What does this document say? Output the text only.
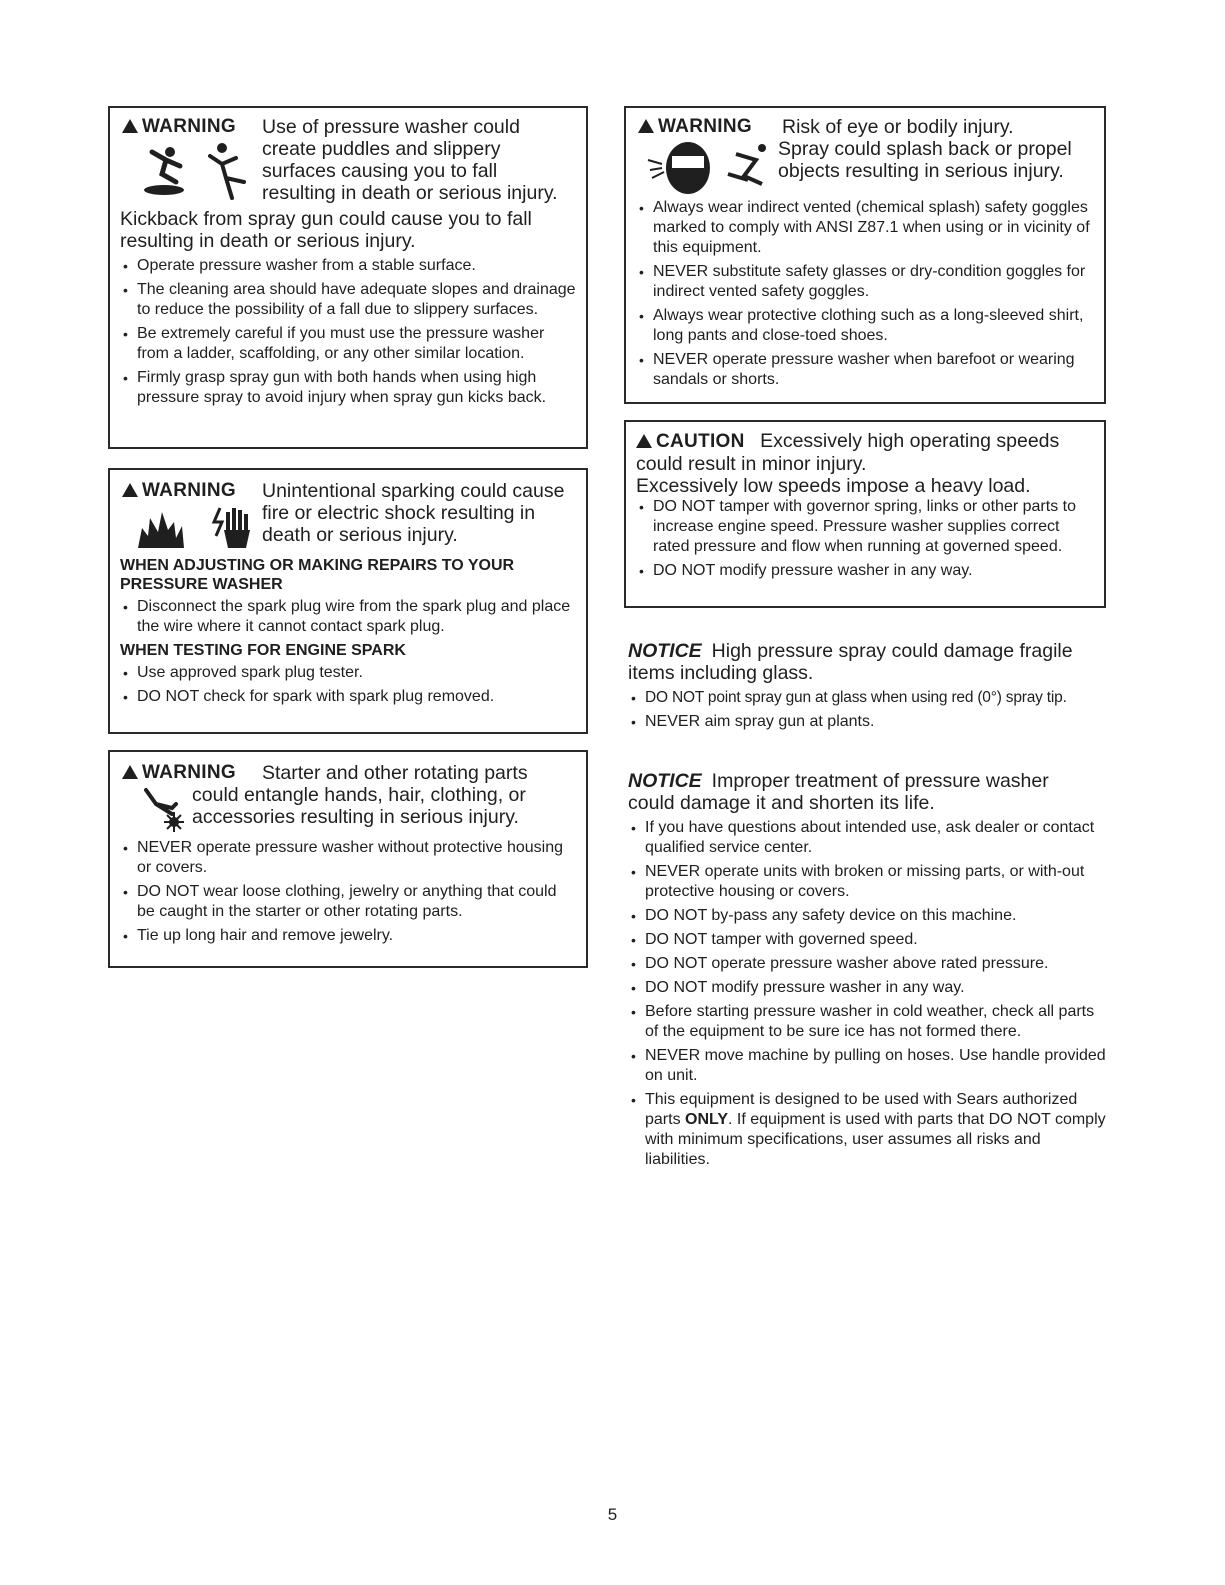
WARNING Use of pressure washer could
create puddles and slippery
surfaces causing you to fall
resulting in death or serious injury.
Kickback from spray gun could cause you to fall
resulting in death or serious injury.
• Operate pressure washer from a stable surface.
• The cleaning area should have adequate slopes and drainage to reduce the possibility of a fall due to slippery surfaces.
• Be extremely careful if you must use the pressure washer from a ladder, scaffolding, or any other similar location.
• Firmly grasp spray gun with both hands when using high pressure spray to avoid injury when spray gun kicks back.
WARNING Unintentional sparking could cause
fire or electric shock resulting in
death or serious injury.
WHEN ADJUSTING OR MAKING REPAIRS TO YOUR PRESSURE WASHER
• Disconnect the spark plug wire from the spark plug and place the wire where it cannot contact spark plug.
WHEN TESTING FOR ENGINE SPARK
• Use approved spark plug tester.
• DO NOT check for spark with spark plug removed.
WARNING Starter and other rotating parts
could entangle hands, hair, clothing, or
accessories resulting in serious injury.
• NEVER operate pressure washer without protective housing or covers.
• DO NOT wear loose clothing, jewelry or anything that could be caught in the starter or other rotating parts.
• Tie up long hair and remove jewelry.
WARNING Risk of eye or bodily injury.
Spray could splash back or propel
objects resulting in serious injury.
• Always wear indirect vented (chemical splash) safety goggles marked to comply with ANSI Z87.1 when using or in vicinity of this equipment.
• NEVER substitute safety glasses or dry-condition goggles for indirect vented safety goggles.
• Always wear protective clothing such as a long-sleeved shirt, long pants and close-toed shoes.
• NEVER operate pressure washer when barefoot or wearing sandals or shorts.
CAUTION Excessively high operating speeds
could result in minor injury.
Excessively low speeds impose a heavy load.
• DO NOT tamper with governor spring, links or other parts to increase engine speed. Pressure washer supplies correct rated pressure and flow when running at governed speed.
• DO NOT modify pressure washer in any way.
NOTICE High pressure spray could damage fragile
items including glass.
• DO NOT point spray gun at glass when using red (0°) spray tip.
• NEVER aim spray gun at plants.
NOTICE Improper treatment of pressure washer
could damage it and shorten its life.
• If you have questions about intended use, ask dealer or contact qualified service center.
• NEVER operate units with broken or missing parts, or with-out protective housing or covers.
• DO NOT by-pass any safety device on this machine.
• DO NOT tamper with governed speed.
• DO NOT operate pressure washer above rated pressure.
• DO NOT modify pressure washer in any way.
• Before starting pressure washer in cold weather, check all parts of the equipment to be sure ice has not formed there.
• NEVER move machine by pulling on hoses. Use handle provided on unit.
• This equipment is designed to be used with Sears authorized parts ONLY. If equipment is used with parts that DO NOT comply with minimum specifications, user assumes all risks and liabilities.
5
